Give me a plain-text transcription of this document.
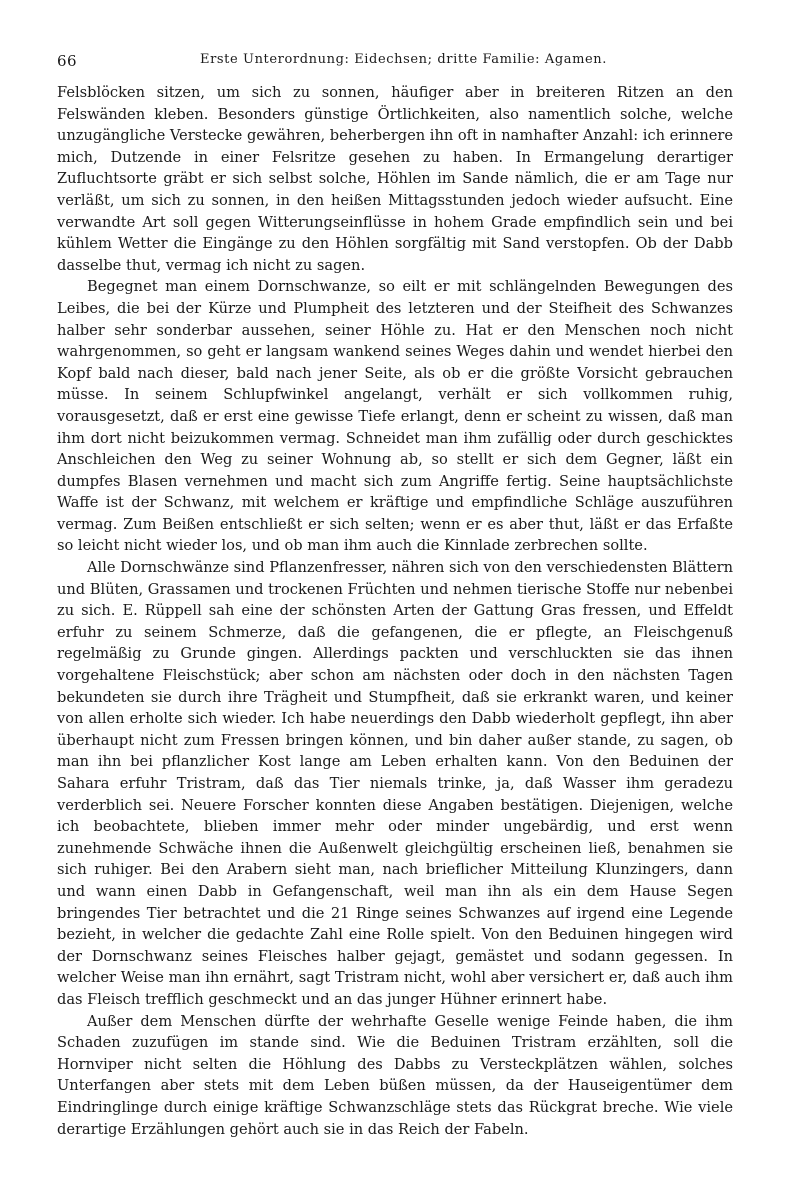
66	Erste Unterordnung: Eidechsen; dritte Familie: Agamen.

Felsblöcken sitzen, um sich zu sonnen, häufiger aber in breiteren Ritzen an den Felswänden kleben. Besonders günstige Örtlichkeiten, also namentlich solche, welche unzugängliche Verstecke gewähren, beherbergen ihn oft in namhafter Anzahl: ich erinnere mich, Dutzende in einer Felsritze gesehen zu haben. In Ermangelung derartiger Zufluchtsorte gräbt er sich selbst solche, Höhlen im Sande nämlich, die er am Tage nur verläßt, um sich zu sonnen, in den heißen Mittagsstunden jedoch wieder aufsucht. Eine verwandte Art soll gegen Witterungseinflüsse in hohem Grade empfindlich sein und bei kühlem Wetter die Eingänge zu den Höhlen sorgfältig mit Sand verstopfen. Ob der Dabb dasselbe thut, vermag ich nicht zu sagen.

Begegnet man einem Dornschwanze, so eilt er mit schlängelnden Bewegungen des Leibes, die bei der Kürze und Plumpheit des letzteren und der Steifheit des Schwanzes halber sehr sonderbar aussehen, seiner Höhle zu. Hat er den Menschen noch nicht wahrgenommen, so geht er langsam wankend seines Weges dahin und wendet hierbei den Kopf bald nach dieser, bald nach jener Seite, als ob er die größte Vorsicht gebrauchen müsse. In seinem Schlupfwinkel angelangt, verhält er sich vollkommen ruhig, vorausgesetzt, daß er erst eine gewisse Tiefe erlangt, denn er scheint zu wissen, daß man ihm dort nicht beizukommen vermag. Schneidet man ihm zufällig oder durch geschicktes Anschleichen den Weg zu seiner Wohnung ab, so stellt er sich dem Gegner, läßt ein dumpfes Blasen vernehmen und macht sich zum Angriffe fertig. Seine hauptsächlichste Waffe ist der Schwanz, mit welchem er kräftige und empfindliche Schläge auszuführen vermag. Zum Beißen entschließt er sich selten; wenn er es aber thut, läßt er das Erfaßte so leicht nicht wieder los, und ob man ihm auch die Kinnlade zerbrechen sollte.

Alle Dornschwänze sind Pflanzenfresser, nähren sich von den verschiedensten Blättern und Blüten, Grassamen und trockenen Früchten und nehmen tierische Stoffe nur nebenbei zu sich. E. Rüppell sah eine der schönsten Arten der Gattung Gras fressen, und Effeldt erfuhr zu seinem Schmerze, daß die gefangenen, die er pflegte, an Fleischgenuß regelmäßig zu Grunde gingen. Allerdings packten und verschluckten sie das ihnen vorgehaltene Fleischstück; aber schon am nächsten oder doch in den nächsten Tagen bekundeten sie durch ihre Trägheit und Stumpfheit, daß sie erkrankt waren, und keiner von allen erholte sich wieder. Ich habe neuerdings den Dabb wiederholt gepflegt, ihn aber überhaupt nicht zum Fressen bringen können, und bin daher außer stande, zu sagen, ob man ihn bei pflanzlicher Kost lange am Leben erhalten kann. Von den Beduinen der Sahara erfuhr Tristram, daß das Tier niemals trinke, ja, daß Wasser ihm geradezu verderblich sei. Neuere Forscher konnten diese Angaben bestätigen. Diejenigen, welche ich beobachtete, blieben immer mehr oder minder ungebärdig, und erst wenn zunehmende Schwäche ihnen die Außenwelt gleichgültig erscheinen ließ, benahmen sie sich ruhiger. Bei den Arabern sieht man, nach brieflicher Mitteilung Klunzingers, dann und wann einen Dabb in Gefangenschaft, weil man ihn als ein dem Hause Segen bringendes Tier betrachtet und die 21 Ringe seines Schwanzes auf irgend eine Legende bezieht, in welcher die gedachte Zahl eine Rolle spielt. Von den Beduinen hingegen wird der Dornschwanz seines Fleisches halber gejagt, gemästet und sodann gegessen. In welcher Weise man ihn ernährt, sagt Tristram nicht, wohl aber versichert er, daß auch ihm das Fleisch trefflich geschmeckt und an das junger Hühner erinnert habe.

Außer dem Menschen dürfte der wehrhafte Geselle wenige Feinde haben, die ihm Schaden zuzufügen im stande sind. Wie die Beduinen Tristram erzählten, soll die Hornviper nicht selten die Höhlung des Dabbs zu Versteckplätzen wählen, solches Unterfangen aber stets mit dem Leben büßen müssen, da der Hauseigentümer dem Eindringlinge durch einige kräftige Schwanzschläge stets das Rückgrat breche. Wie viele derartige Erzählungen gehört auch sie in das Reich der Fabeln.
